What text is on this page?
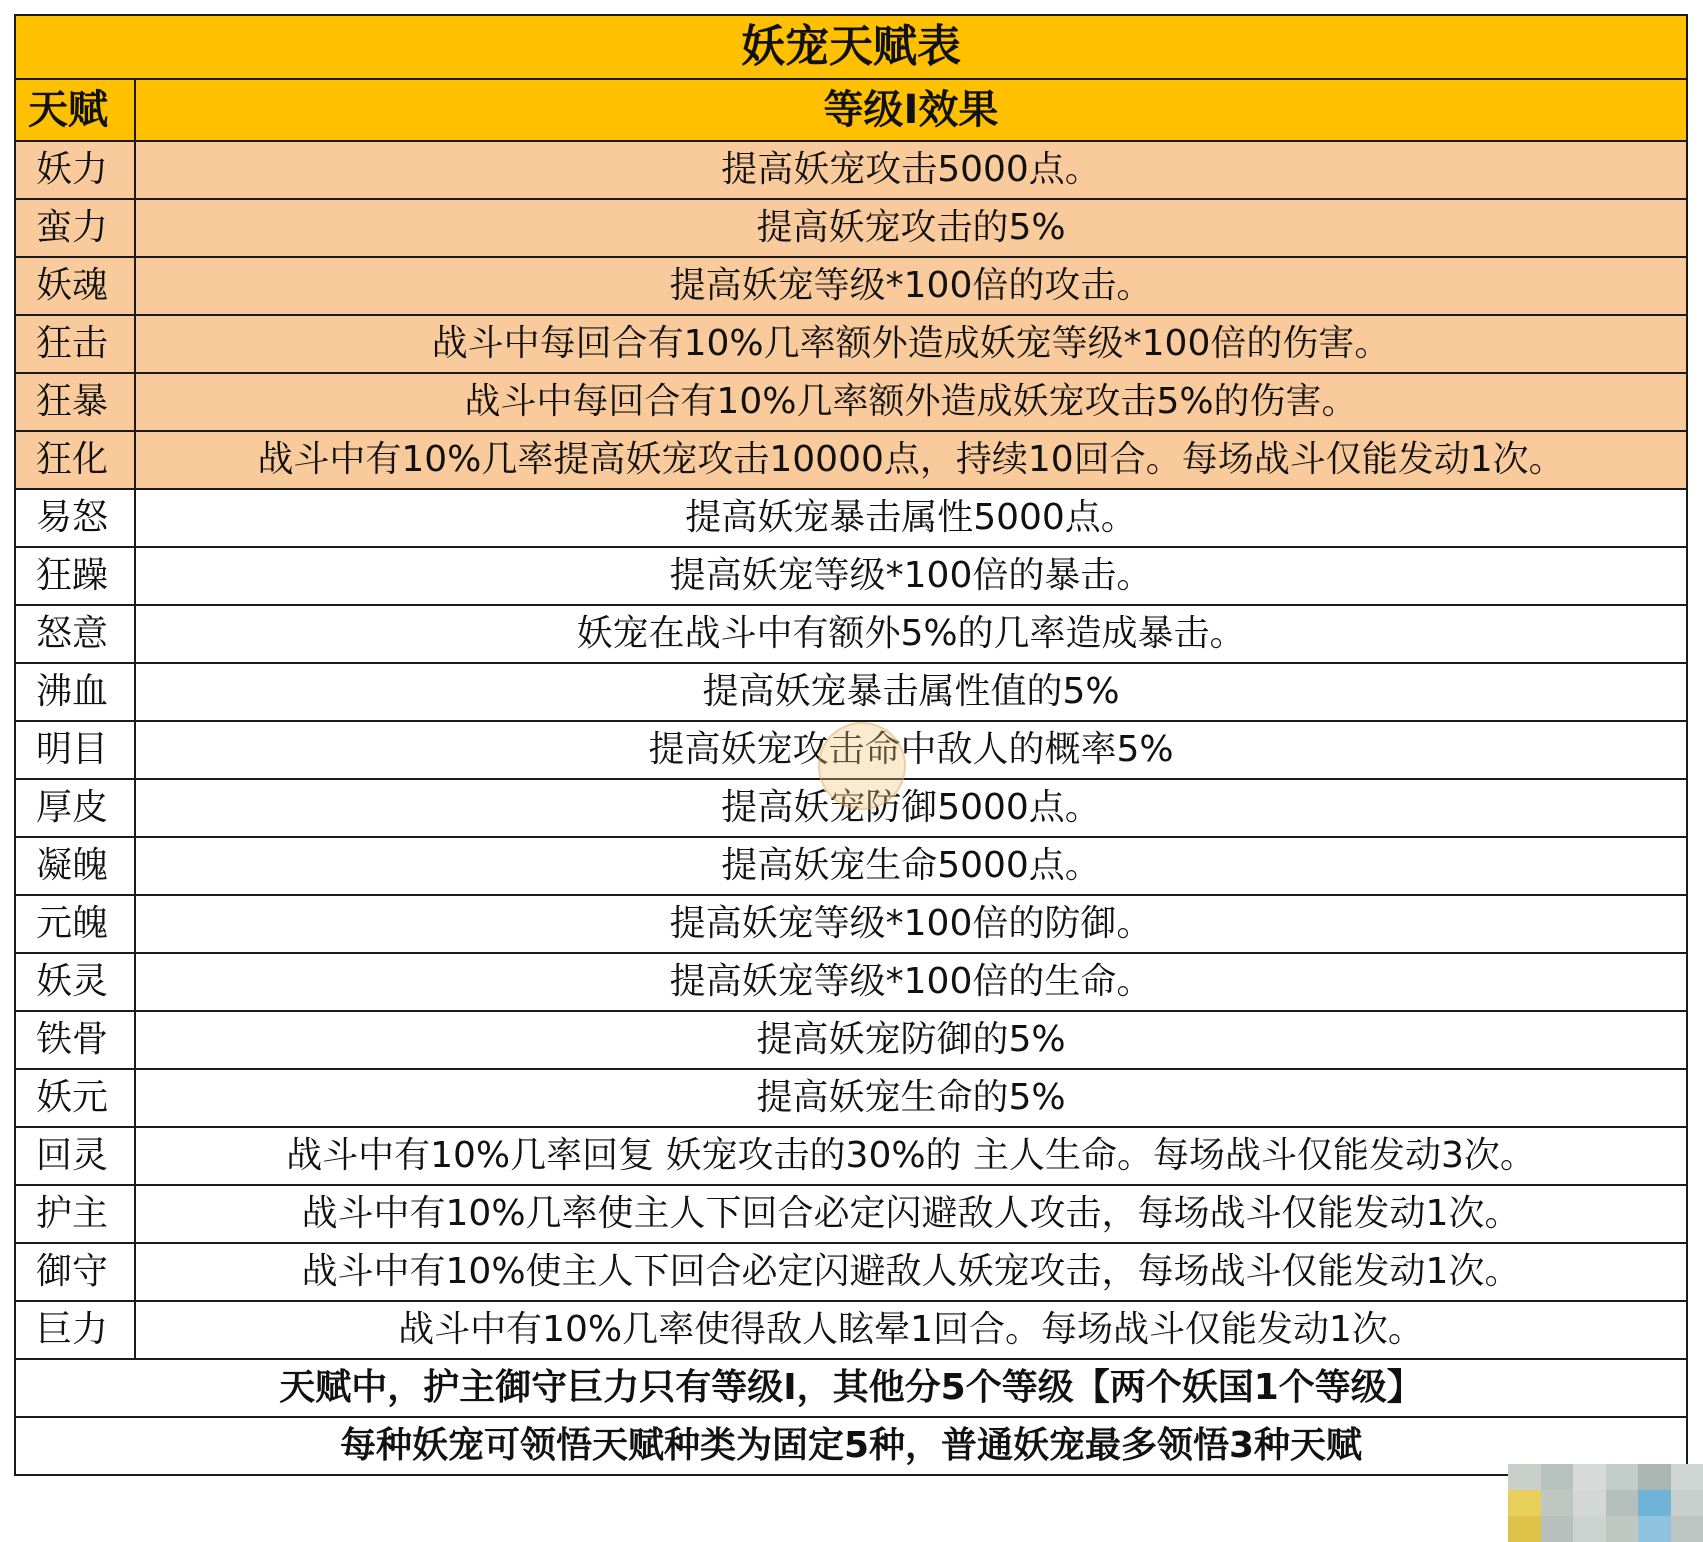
妖宠天赋表	
天赋	等级I效果
妖力	提高妖宠攻击5000点。
蛮力	提高妖宠攻击的5%
妖魂	提高妖宠等级*100倍的攻击。
狂击	战斗中每回合有10%几率额外造成妖宠等级*100倍的伤害。
狂暴	战斗中每回合有10%几率额外造成妖宠攻击5%的伤害。
狂化	战斗中有10%几率提高妖宠攻击10000点，持续10回合。每场战斗仅能发动1次。
易怒	提高妖宠暴击属性5000点。
狂躁	提高妖宠等级*100倍的暴击。
怒意	妖宠在战斗中有额外5%的几率造成暴击。
沸血	提高妖宠暴击属性值的5%
明目	提高妖宠攻击命中敌人的概率5%
厚皮	提高妖宠防御5000点。
凝魄	提高妖宠生命5000点。
元魄	提高妖宠等级*100倍的防御。
妖灵	提高妖宠等级*100倍的生命。
铁骨	提高妖宠防御的5%
妖元	提高妖宠生命的5%
回灵	战斗中有10%几率回复 妖宠攻击的30%的 主人生命。每场战斗仅能发动3次。
护主	战斗中有10%几率使主人下回合必定闪避敌人攻击，每场战斗仅能发动1次。
御守	战斗中有10%使主人下回合必定闪避敌人妖宠攻击，每场战斗仅能发动1次。
巨力	战斗中有10%几率使得敌人眩晕1回合。每场战斗仅能发动1次。
天赋中，护主御守巨力只有等级I，其他分5个等级【两个妖国1个等级】	
每种妖宠可领悟天赋种类为固定5种，普通妖宠最多领悟3种天赋	
